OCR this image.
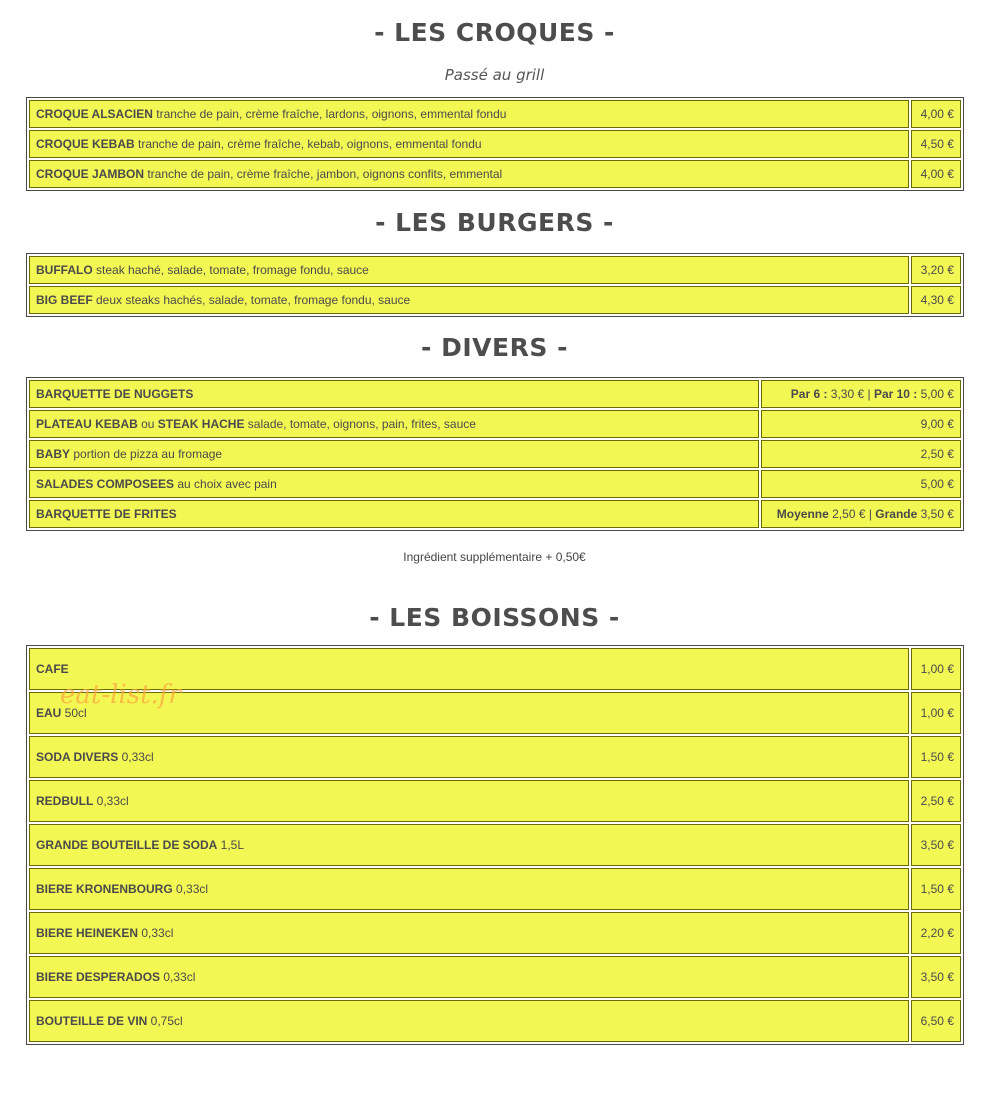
- LES CROQUES -
Passé au grill
CROQUE ALSACIEN tranche de pain, crème fraîche, lardons, oignons, emmental fondu	4,00 €
CROQUE KEBAB tranche de pain, crème fraîche, kebab, oignons, emmental fondu	4,50 €
CROQUE JAMBON tranche de pain, crème fraîche, jambon, oignons confits, emmental	4,00 €
- LES BURGERS -
BUFFALO steak haché, salade, tomate, fromage fondu, sauce	3,20 €
BIG BEEF deux steaks hachés, salade, tomate, fromage fondu, sauce	4,30 €
- DIVERS -
BARQUETTE DE NUGGETS	Par 6 : 3,30 € | Par 10 : 5,00 €
PLATEAU KEBAB ou STEAK HACHE salade, tomate, oignons, pain, frites, sauce	9,00 €
BABY portion de pizza au fromage	2,50 €
SALADES COMPOSEES au choix avec pain	5,00 €
BARQUETTE DE FRITES	Moyenne 2,50 € | Grande 3,50 €
Ingrédient supplémentaire + 0,50€
- LES BOISSONS -
CAFE	1,00 €
EAU 50cl	1,00 €
SODA DIVERS 0,33cl	1,50 €
REDBULL 0,33cl	2,50 €
GRANDE BOUTEILLE DE SODA 1,5L	3,50 €
BIERE KRONENBOURG 0,33cl	1,50 €
BIERE HEINEKEN 0,33cl	2,20 €
BIERE DESPERADOS 0,33cl	3,50 €
BOUTEILLE DE VIN 0,75cl	6,50 €
eat-list.fr
